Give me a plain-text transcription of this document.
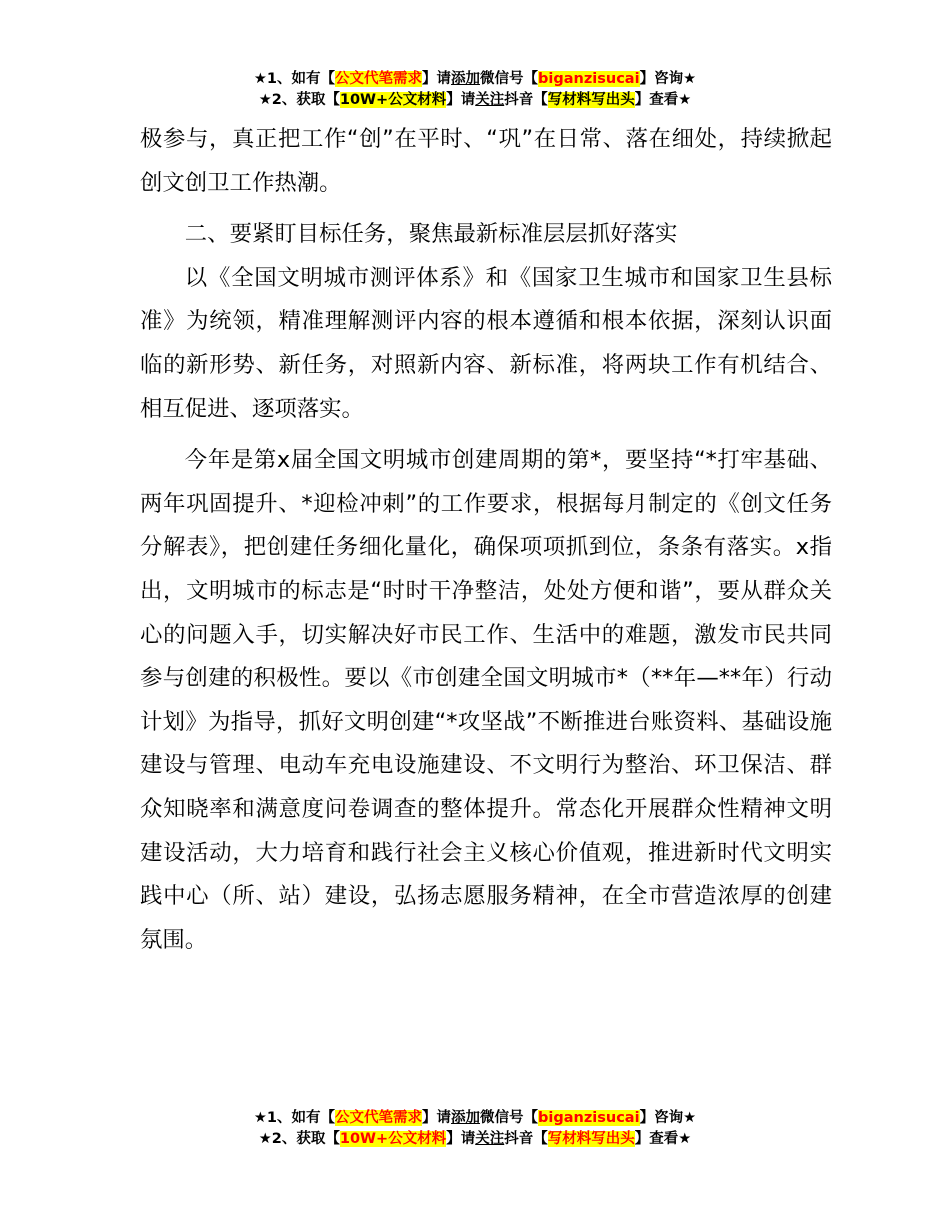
★1、如有【公文代笔需求】请添加微信号【biganzisucai】咨询★
★2、获取【10W+公文材料】请关注抖音【写材料写出头】查看★

极参与，真正把工作“创”在平时、“巩”在日常、落在细处，持续掀起创文创卫工作热潮。

二、要紧盯目标任务，聚焦最新标准层层抓好落实

以《全国文明城市测评体系》和《国家卫生城市和国家卫生县标准》为统领，精准理解测评内容的根本遵循和根本依据，深刻认识面临的新形势、新任务，对照新内容、新标准，将两块工作有机结合、相互促进、逐项落实。

今年是第x届全国文明城市创建周期的第*，要坚持“*打牢基础、两年巩固提升、*迎检冲刺”的工作要求，根据每月制定的《创文任务分解表》，把创建任务细化量化，确保项项抓到位，条条有落实。x指出，文明城市的标志是“时时干净整洁，处处方便和谐”，要从群众关心的问题入手，切实解决好市民工作、生活中的难题，激发市民共同参与创建的积极性。要以《市创建全国文明城市*（**年—**年）行动计划》为指导，抓好文明创建“*攻坚战”不断推进台账资料、基础设施建设与管理、电动车充电设施建设、不文明行为整治、环卫保洁、群众知晓率和满意度问卷调查的整体提升。常态化开展群众性精神文明建设活动，大力培育和践行社会主义核心价值观，推进新时代文明实践中心（所、站）建设，弘扬志愿服务精神，在全市营造浓厚的创建氛围。

★1、如有【公文代笔需求】请添加微信号【biganzisucai】咨询★
★2、获取【10W+公文材料】请关注抖音【写材料写出头】查看★
